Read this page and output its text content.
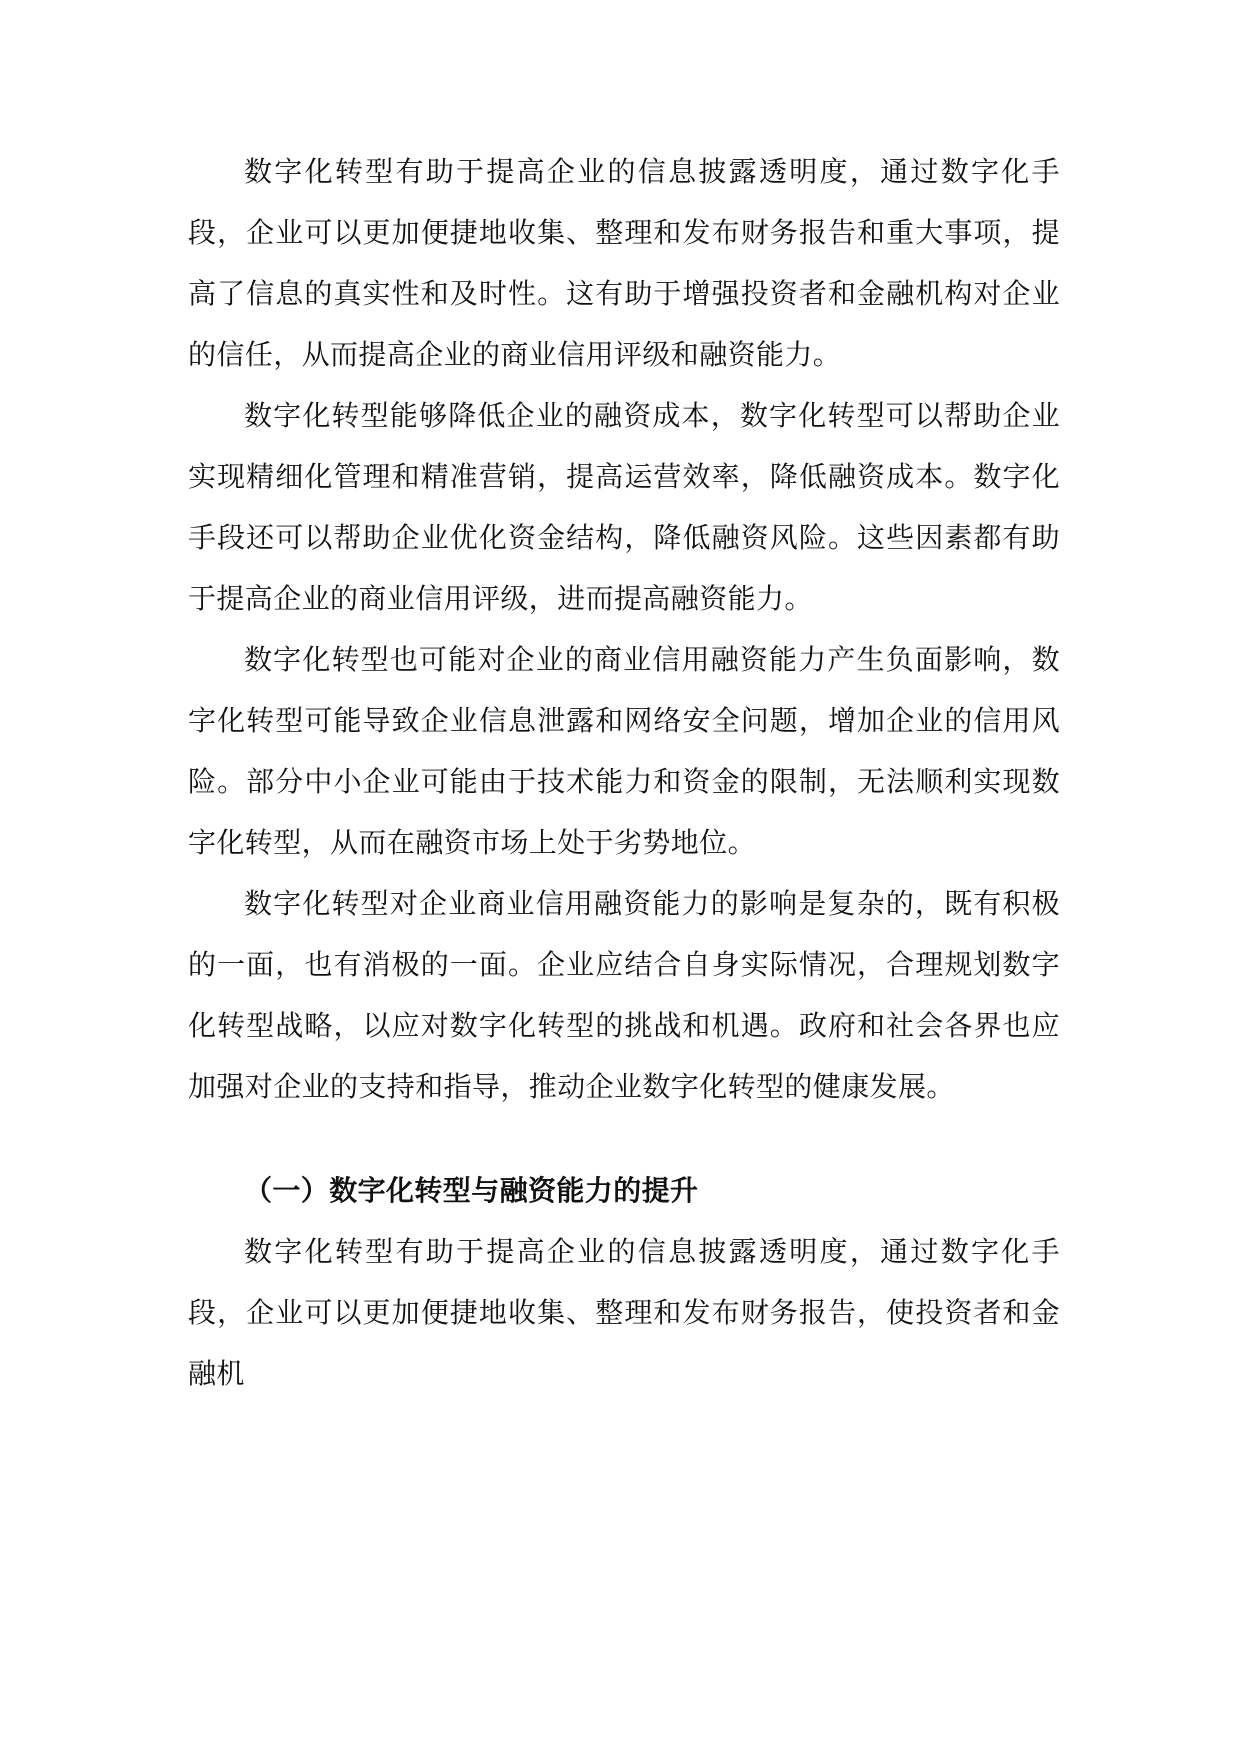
数字化转型有助于提高企业的信息披露透明度，通过数字化手段，企业可以更加便捷地收集、整理和发布财务报告和重大事项，提高了信息的真实性和及时性。这有助于增强投资者和金融机构对企业的信任，从而提高企业的商业信用评级和融资能力。

数字化转型能够降低企业的融资成本，数字化转型可以帮助企业实现精细化管理和精准营销，提高运营效率，降低融资成本。数字化手段还可以帮助企业优化资金结构，降低融资风险。这些因素都有助于提高企业的商业信用评级，进而提高融资能力。

数字化转型也可能对企业的商业信用融资能力产生负面影响，数字化转型可能导致企业信息泄露和网络安全问题，增加企业的信用风险。部分中小企业可能由于技术能力和资金的限制，无法顺利实现数字化转型，从而在融资市场上处于劣势地位。

数字化转型对企业商业信用融资能力的影响是复杂的，既有积极的一面，也有消极的一面。企业应结合自身实际情况，合理规划数字化转型战略，以应对数字化转型的挑战和机遇。政府和社会各界也应加强对企业的支持和指导，推动企业数字化转型的健康发展。

（一）数字化转型与融资能力的提升

数字化转型有助于提高企业的信息披露透明度，通过数字化手段，企业可以更加便捷地收集、整理和发布财务报告，使投资者和金融机
